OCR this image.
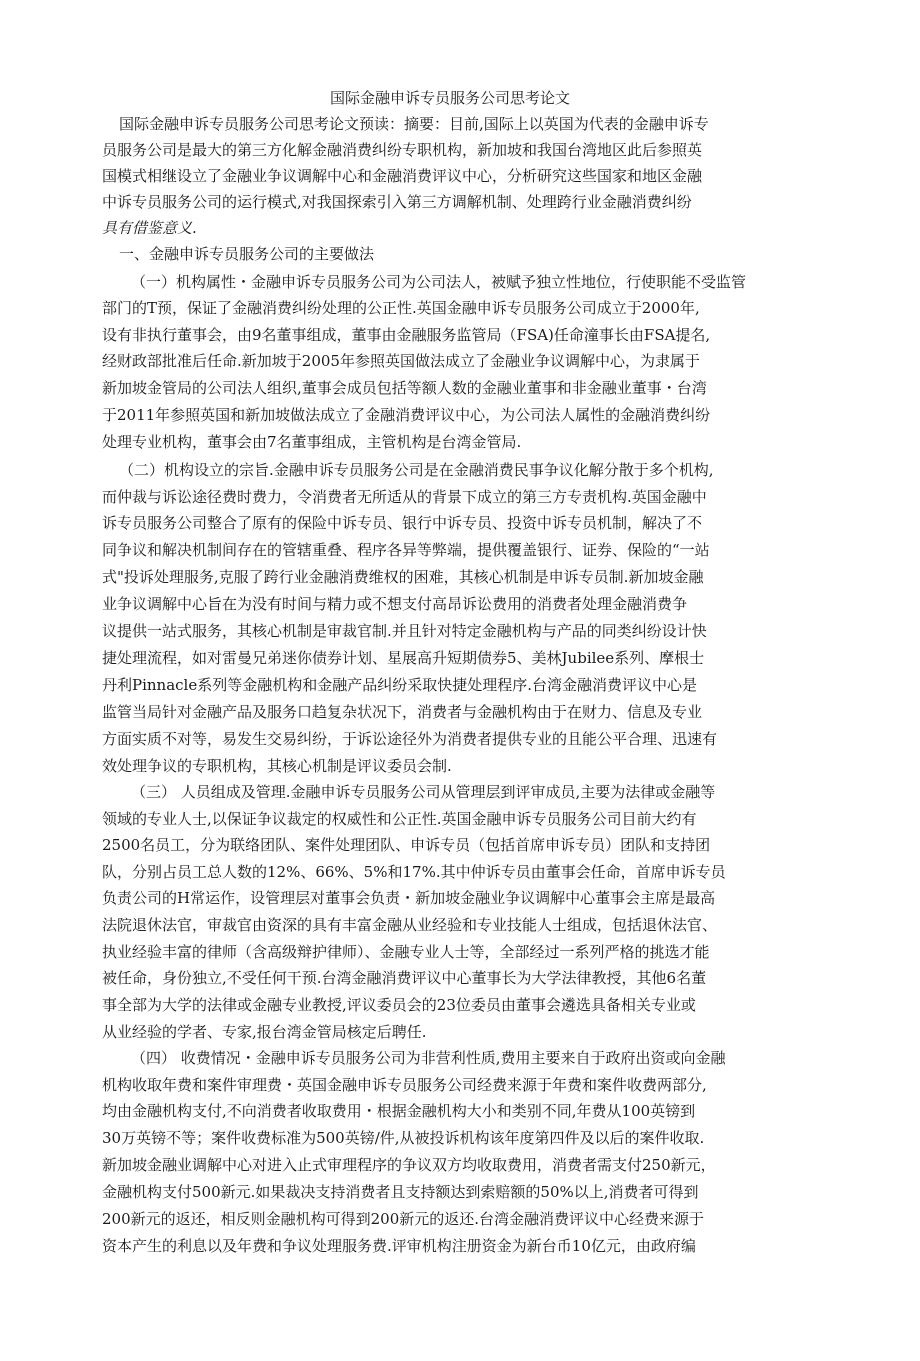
国际金融申诉专员服务公司思考论文
国际金融申诉专员服务公司思考论文预读：摘要：目前,国际上以英国为代表的金融申诉专
员服务公司是最大的第三方化解金融消费纠纷专职机构，新加坡和我国台湾地区此后参照英
国模式相继设立了金融业争议调解中心和金融消费评议中心，分析研究这些国家和地区金融
中诉专员服务公司的运行模式,对我国探索引入第三方调解机制、处理跨行业金融消费纠纷
具有借鉴意义.
一、金融申诉专员服务公司的主要做法
（一）机构属性・金融申诉专员服务公司为公司法人，被赋予独立性地位，行使职能不受监管
部门的T预，保证了金融消费纠纷处理的公正性.英国金融申诉专员服务公司成立于2000年,
设有非执行董事会，由9名董事组成，董事由金融服务监管局（FSA)任命潼事长由FSA提名,
经财政部批准后任命.新加坡于2005年参照英国做法成立了金融业争议调解中心，为隶属于
新加坡金管局的公司法人组织,董事会成员包括等额人数的金融业董事和非金融业董事・台湾
于2011年参照英国和新加坡做法成立了金融消费评议中心，为公司法人属性的金融消费纠纷
处理专业机构，董事会由7名董事组成，主管机构是台湾金管局.
（二）机构设立的宗旨.金融申诉专员服务公司是在金融消费民事争议化解分散于多个机构,
而仲裁与诉讼途径费时费力，令消费者无所适从的背景下成立的第三方专责机构.英国金融中
诉专员服务公司整合了原有的保险中诉专员、银行中诉专员、投资中诉专员机制，解决了不
同争议和解决机制间存在的管辖重叠、程序各异等弊端，提供覆盖银行、证券、保险的“一站
式"投诉处理服务,克服了跨行业金融消费维权的困难，其核心机制是申诉专员制.新加坡金融
业争议调解中心旨在为没有时间与精力或不想支付高昂诉讼费用的消费者处理金融消费争
议提供一站式服务，其核心机制是审裁官制.并且针对特定金融机构与产品的同类纠纷设计快
捷处理流程，如对雷曼兄弟迷你债券计划、星展高升短期债券5、美林Jubilee系列、摩根士
丹利Pinnacle系列等金融机构和金融产品纠纷采取快捷处理程序.台湾金融消费评议中心是
监管当局针对金融产品及服务口趋复杂状况下，消费者与金融机构由于在财力、信息及专业
方面实质不对等，易发生交易纠纷，于诉讼途径外为消费者提供专业的且能公平合理、迅速有
效处理争议的专职机构，其核心机制是评议委员会制.
（三） 人员组成及管理.金融申诉专员服务公司从管理层到评审成员,主要为法律或金融等
领域的专业人士,以保证争议裁定的权威性和公正性.英国金融申诉专员服务公司目前大约有
2500名员工，分为联络团队、案件处理团队、申诉专员（包括首席申诉专员）团队和支持团
队，分别占员工总人数的12%、66%、5%和17%.其中仲诉专员由董事会任命，首席申诉专员
负责公司的H常运作，设管理层对董事会负责・新加坡金融业争议调解中心董事会主席是最高
法院退休法官，审裁官由资深的具有丰富金融从业经验和专业技能人士组成，包括退休法官、
执业经验丰富的律师（含高级辩护律师）、金融专业人士等，全部经过一系列严格的挑选才能
被任命，身份独立,不受任何干预.台湾金融消费评议中心董事长为大学法律教授，其他6名董
事全部为大学的法律或金融专业教授,评议委员会的23位委员由董事会遴选具备相关专业或
从业经验的学者、专家,报台湾金管局核定后聘任.
（四） 收费情况・金融申诉专员服务公司为非营利性质,费用主要来自于政府出资或向金融
机构收取年费和案件审理费・英国金融申诉专员服务公司经费来源于年费和案件收费两部分,
均由金融机构支付,不向消费者收取费用・根据金融机构大小和类别不同,年费从100英镑到
30万英镑不等；案件收费标准为500英镑/件,从被投诉机构该年度第四件及以后的案件收取.
新加坡金融业调解中心对进入止式审理程序的争议双方均收取费用，消费者需支付250新元，
金融机构支付500新元.如果裁决支持消费者且支持额达到索赔额的50%以上,消费者可得到
200新元的返还，相反则金融机构可得到200新元的返还.台湾金融消费评议中心经费来源于
资本产生的利息以及年费和争议处理服务费.评审机构注册资金为新台币10亿元，由政府编
